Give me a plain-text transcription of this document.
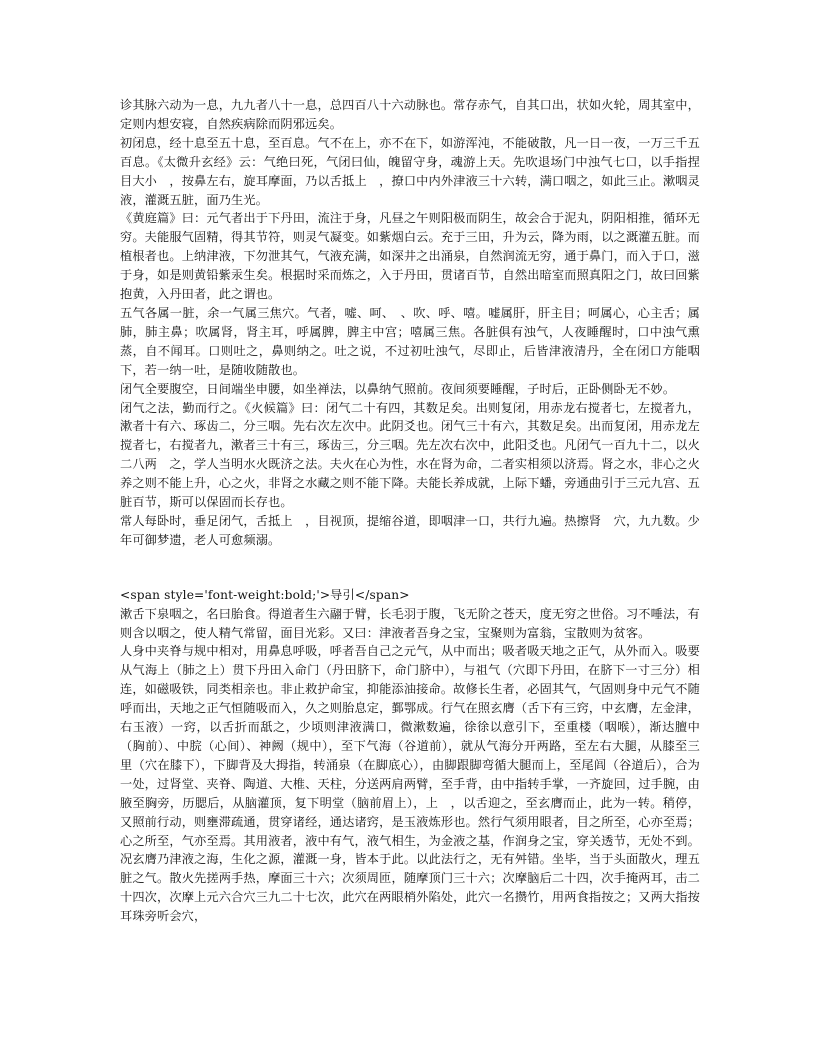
诊其脉六动为一息，九九者八十一息，总四百八十六动脉也。常存赤气，自其口出，状如火轮，周其室中，定则内想安寝，自然疾病除而阴邪远矣。

初闭息，经十息至五十息，至百息。气不在上，亦不在下，如游浑沌，不能破散，凡一日一夜，一万三千五百息。《太微升玄经》云：气绝曰死，气闭曰仙，魄留守身，魂游上天。先吹退场门中浊气七口，以手指捏目大小　，按鼻左右，旋耳摩面，乃以舌抵上　，撩口中内外津液三十六转，满口咽之，如此三止。漱咽灵液，灌溉五脏，面乃生光。

《黄庭篇》曰：元气者出于下丹田，流注于身，凡昼之午则阳极而阴生，故会合于泥丸，阴阳相推，循环无穷。夫能服气固精，得其节符，则灵气凝变。如紫烟白云。充于三田，升为云，降为雨，以之溉灌五脏。而植根者也。上纳津液，下勿泄其气，气液充满，如深井之出涌泉，自然润流无穷，通于鼻门，而入于口，滋于身，如是则黄铅紫汞生矣。根据时采而炼之，入于丹田，贯诸百节，自然出暗室而照真阳之门，故曰回紫抱黄，入丹田者，此之谓也。

五气各属一脏，余一气属三焦穴。气者，嘘、呵、　、吹、呼、嘻。嘘属肝，肝主目；呵属心，心主舌；属肺，肺主鼻；吹属肾，肾主耳，呼属脾，脾主中宫；嘻属三焦。各脏俱有浊气，人夜睡醒时，口中浊气熏蒸，自不闻耳。口则吐之，鼻则纳之。吐之说，不过初吐浊气，尽即止，后皆津液清丹，全在闭口方能咽下，若一纳一吐，是随收随散也。

闭气全要腹空，日间端坐申腰，如坐禅法，以鼻纳气照前。夜间须要睡醒，子时后，正卧侧卧无不妙。

闭气之法，勤而行之。《火候篇》曰：闭气二十有四，其数足矣。出则复闭，用赤龙右搅者七，左搅者九，漱者十有六、琢齿二，分三咽。先右次左次中。此阴爻也。闭气三十有六，其数足矣。出而复闭，用赤龙左搅者七，右搅者九，漱者三十有三，琢齿三，分三咽。先左次右次中，此阳爻也。凡闭气一百九十二，以火二八两　之，学人当明水火既济之法。夫火在心为性，水在肾为命，二者实相须以济焉。肾之水，非心之火养之则不能上升，心之火，非肾之水藏之则不能下降。夫能长养成就，上际下蟠，旁通曲引于三元九宫、五脏百节，斯可以保固而长存也。

常人每卧时，垂足闭气，舌抵上　，目视顶，提缩谷道，即咽津一口，共行九遍。热擦肾　穴，九九数。少年可御梦遗，老人可愈频溺。

<span style='font-weight:bold;'>导引</span>

漱舌下泉咽之，名曰胎食。得道者生六翮于臂，长毛羽于腹，飞无阶之苍天，度无穷之世俗。习不唾法，有则含以咽之，使人精气常留，面目光彩。又曰：津液者吾身之宝，宝聚则为富翁，宝散则为贫客。

人身中夹脊与规中相对，用鼻息呼吸，呼者吾自己之元气，从中而出；吸者吸天地之正气，从外而入。吸要从气海上（肺之上）贯下丹田入命门（丹田脐下，命门脐中），与祖气（穴即下丹田，在脐下一寸三分）相连，如磁吸铁，同类相亲也。非止救护命宝，抑能添油接命。故修长生者，必固其气，气固则身中元气不随呼而出，天地之正气恒随吸而入，久之则胎息定，鄞鄂成。行气在照玄膺（舌下有三窍，中玄膺，左金津，右玉液）一窍，以舌折而舐之，少顷则津液满口，微漱数遍，徐徐以意引下，至重楼（咽喉），渐达膻中（胸前）、中脘（心间）、神阙（规中），至下气海（谷道前），就从气海分开两路，至左右大腿，从膝至三里（穴在膝下），下脚背及大拇指，转涌泉（在脚底心），由脚跟脚弯循大腿而上，至尾闾（谷道后），合为一处，过肾堂、夹脊、陶道、大椎、天柱，分送两肩两臂，至手背，由中指转手掌，一齐旋回，过手腕，由腋至胸旁，历腮后，从脑灌顶，复下明堂（脑前眉上），上　，以舌迎之，至玄膺而止，此为一转。稍停，又照前行动，则壅滞疏通，贯穿诸经，通达诸窍，是玉液炼形也。然行气须用眼者，目之所至，心亦至焉；心之所至，气亦至焉。其用液者，液中有气，液气相生，为金液之基，作润身之宝，穿关透节，无处不到。况玄膺乃津液之海，生化之源，灌溉一身，皆本于此。以此法行之，无有舛错。坐毕，当于头面散火，理五脏之气。散火先搓两手热，摩面三十六；次须周匝，随摩顶门三十六；次摩脑后二十四，次手掩两耳，击二十四次，次摩上元六合穴三九二十七次，此穴在两眼梢外陷处，此穴一名攒竹，用两食指按之；又两大指按耳珠旁听会穴，
